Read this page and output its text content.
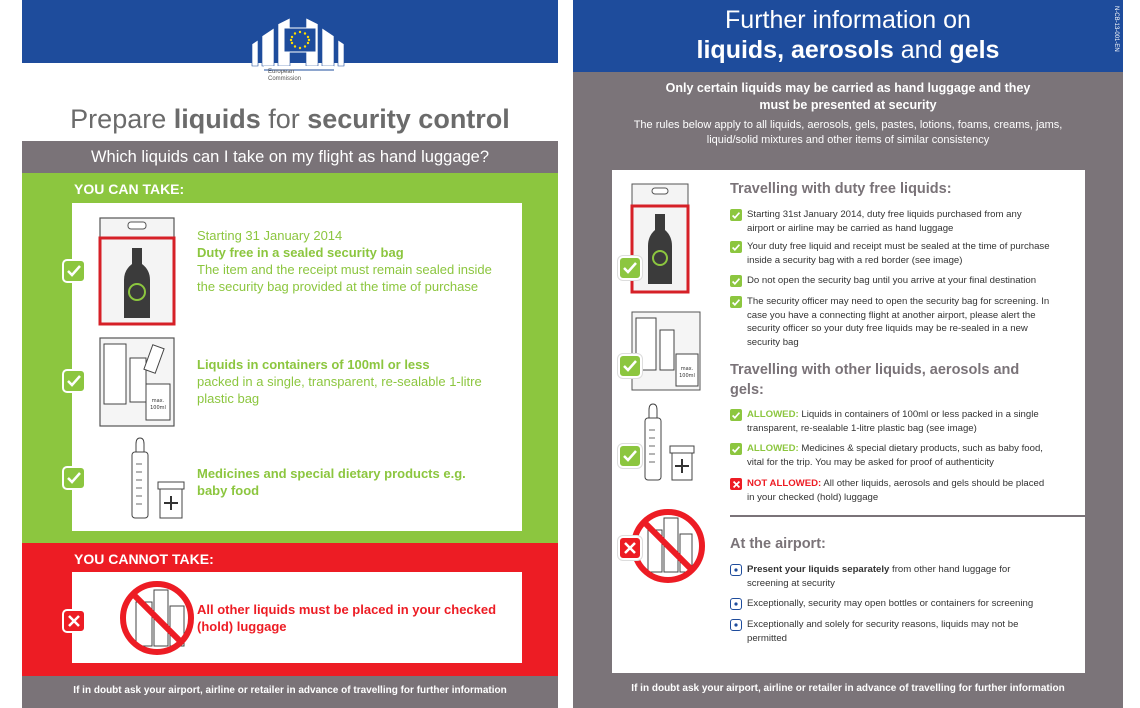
European
Commission
Prepare liquids for security control
Which liquids can I take on my flight as hand luggage?
YOU CAN TAKE:
Starting 31 January 2014
Duty free in a sealed security bag
The item and the receipt must remain sealed inside the security bag provided at the time of purchase
max.
100ml
Liquids in containers of 100ml or less
packed in a single, transparent, re-sealable 1-litre plastic bag
Medicines and special dietary products e.g. baby food
YOU CANNOT TAKE:
All other liquids must be placed in your checked (hold) luggage
If in doubt ask your airport, airline or retailer in advance of travelling for further information
Further information on
liquids, aerosols and gels	N-CB-13-001-EN
Only certain liquids may be carried as hand luggage and they must be presented at security
The rules below apply to all liquids, aerosols, gels, pastes, lotions, foams, creams, jams, liquid/solid mixtures and other items of similar consistency
max.
100ml
Travelling with duty free liquids:
Starting 31st January 2014, duty free liquids purchased from any airport or airline may be carried as hand luggage
Your duty free liquid and receipt must be sealed at the time of purchase inside a security bag with a red border (see image)
Do not open the security bag until you arrive at your final destination
The security officer may need to open the security bag for screening. In case you have a connecting flight at another airport, please alert the security officer so your duty free liquids may be re-sealed in a new security bag
Travelling with other liquids, aerosols and gels:
ALLOWED: Liquids in containers of 100ml or less packed in a single transparent, re-sealable 1-litre plastic bag (see image)
ALLOWED: Medicines & special dietary products, such as baby food, vital for the trip. You may be asked for proof of authenticity
NOT ALLOWED: All other liquids, aerosols and gels should be placed in your checked (hold) luggage
At the airport:
Present your liquids separately from other hand luggage for screening at security
Exceptionally, security may open bottles or containers for screening
Exceptionally and solely for security reasons, liquids may not be permitted
If in doubt ask your airport, airline or retailer in advance of travelling for further information
